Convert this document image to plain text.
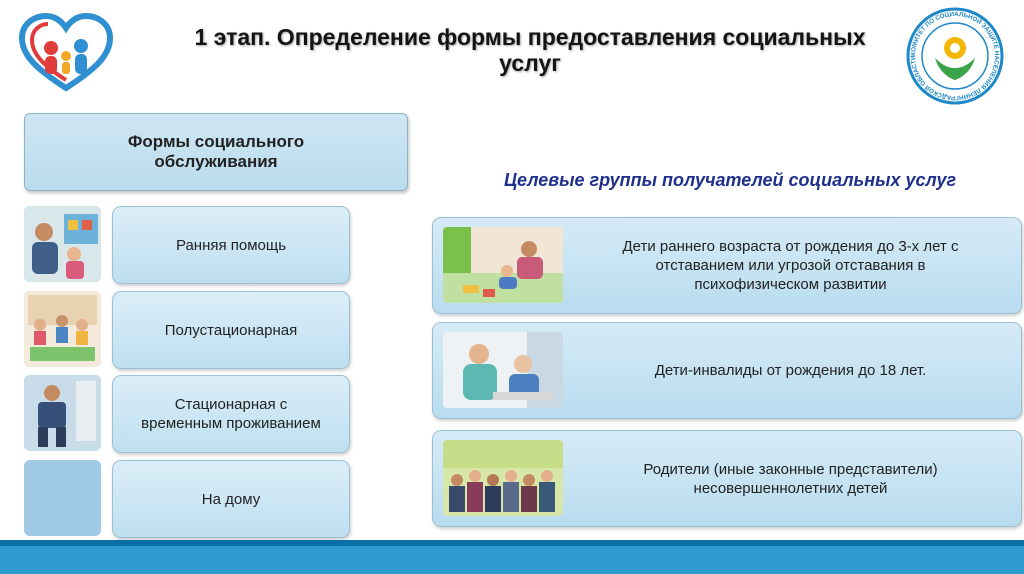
1 этап. Определение формы предоставления социальных услуг	КОМИТЕТ ПО СОЦИАЛЬНОЙ ЗАЩИТЕ НАСЕЛЕНИЯ ЛЕНИНГРАДСКОЙ ОБЛАСТИ
Формы социального
обслуживания
Ранняя помощь
Полустационарная
Стационарная с
временным проживанием
На дому
Целевые группы получателей социальных услуг
Дети раннего возраста от рождения до 3-х лет с
отставанием или угрозой отставания в
психофизическом развитии
Дети-инвалиды от рождения до 18 лет.
Родители (иные законные представители)
несовершеннолетних детей
